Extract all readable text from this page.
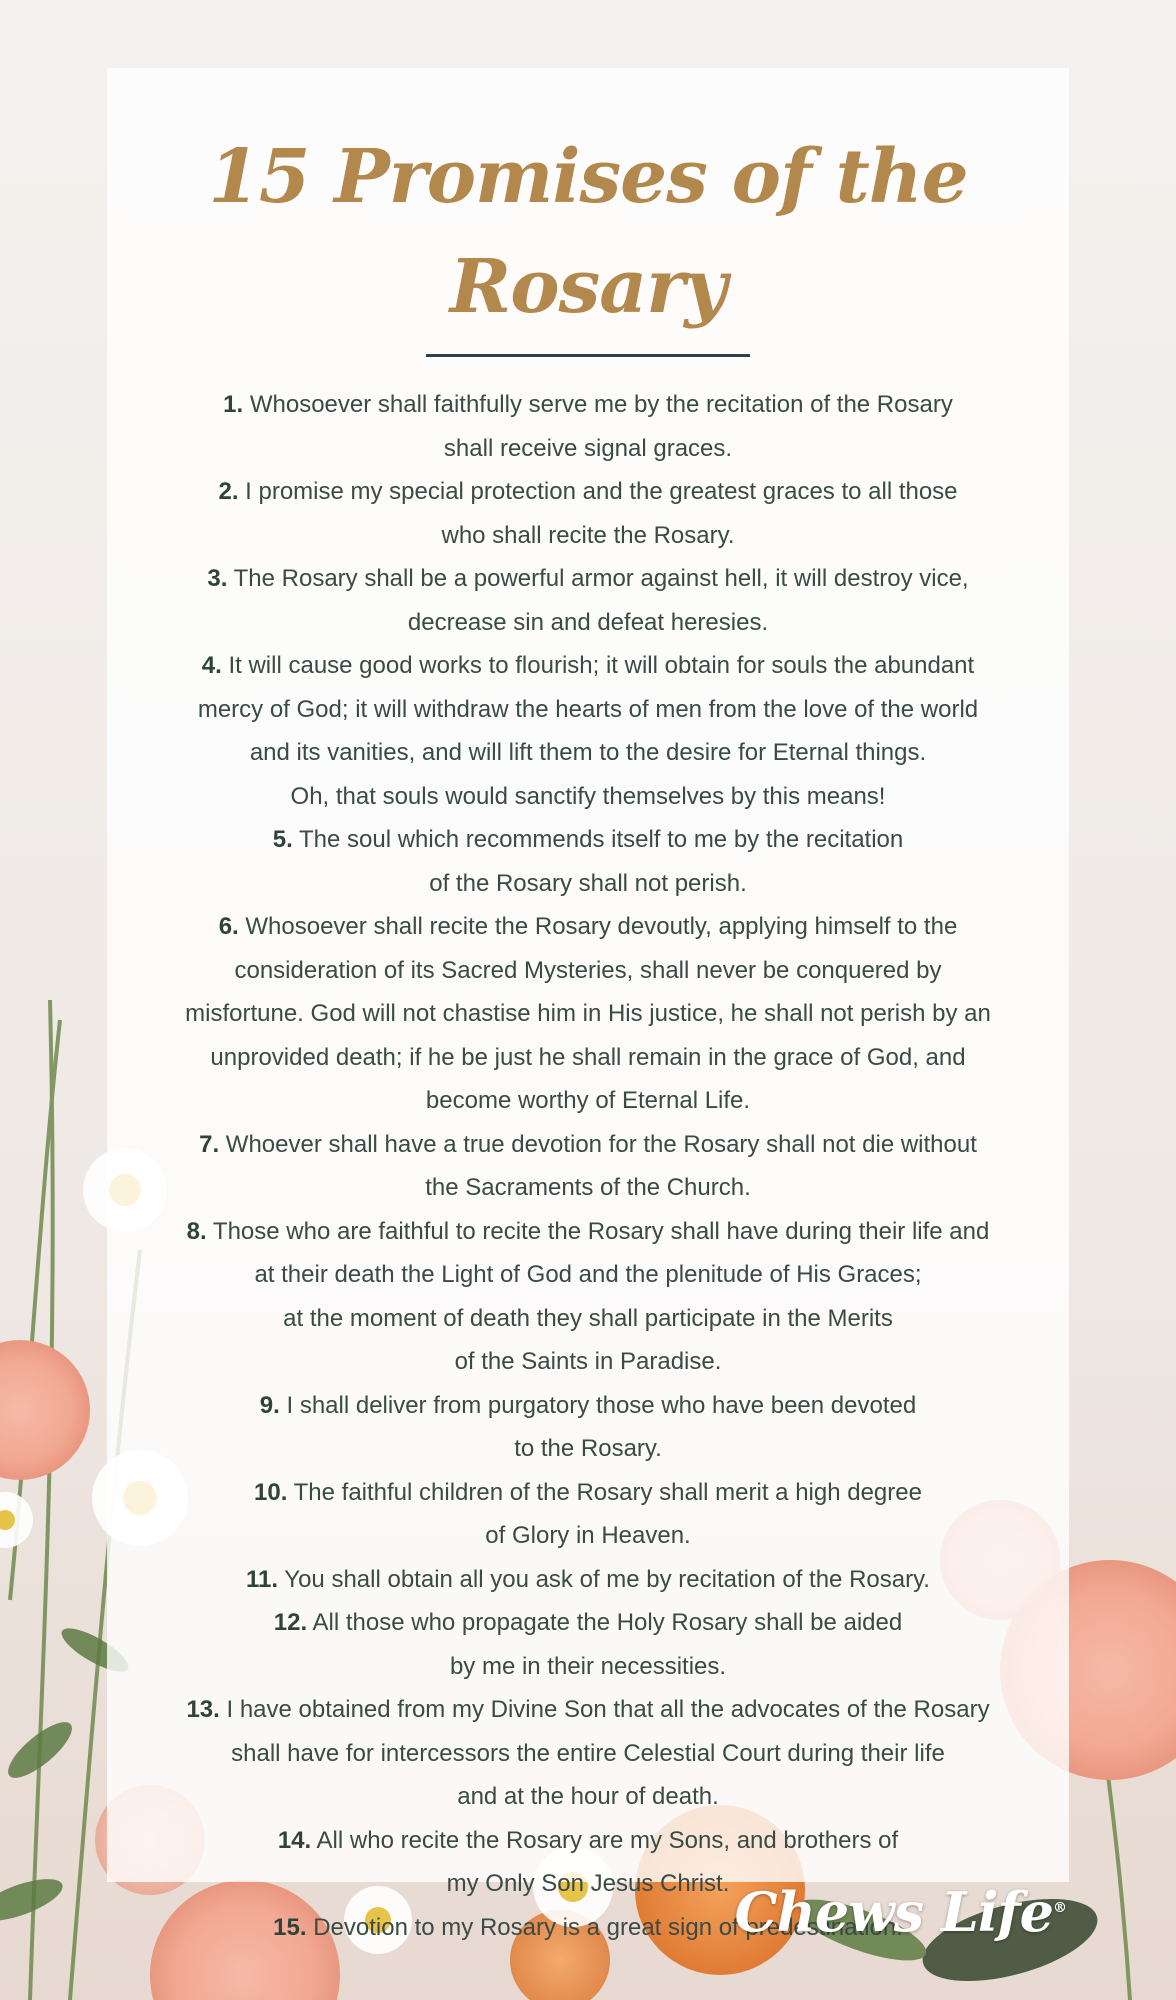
15 Promises of the Rosary

1. Whosoever shall faithfully serve me by the recitation of the Rosary

shall receive signal graces.

2. I promise my special protection and the greatest graces to all those

who shall recite the Rosary.

3. The Rosary shall be a powerful armor against hell, it will destroy vice,

decrease sin and defeat heresies.

4. It will cause good works to flourish; it will obtain for souls the abundant

mercy of God; it will withdraw the hearts of men from the love of the world

and its vanities, and will lift them to the desire for Eternal things.

Oh, that souls would sanctify themselves by this means!

5. The soul which recommends itself to me by the recitation

of the Rosary shall not perish.

6. Whosoever shall recite the Rosary devoutly, applying himself to the

consideration of its Sacred Mysteries, shall never be conquered by

misfortune. God will not chastise him in His justice, he shall not perish by an

unprovided death; if he be just he shall remain in the grace of God, and

become worthy of Eternal Life.

7. Whoever shall have a true devotion for the Rosary shall not die without

the Sacraments of the Church.

8. Those who are faithful to recite the Rosary shall have during their life and

at their death the Light of God and the plenitude of His Graces;

at the moment of death they shall participate in the Merits

of the Saints in Paradise.

9. I shall deliver from purgatory those who have been devoted

to the Rosary.

10. The faithful children of the Rosary shall merit a high degree

of Glory in Heaven.

11. You shall obtain all you ask of me by recitation of the Rosary.

12. All those who propagate the Holy Rosary shall be aided

by me in their necessities.

13. I have obtained from my Divine Son that all the advocates of the Rosary

shall have for intercessors the entire Celestial Court during their life

and at the hour of death.

14. All who recite the Rosary are my Sons, and brothers of

my Only Son Jesus Christ.

15. Devotion to my Rosary is a great sign of predestination.

Chews Life®
